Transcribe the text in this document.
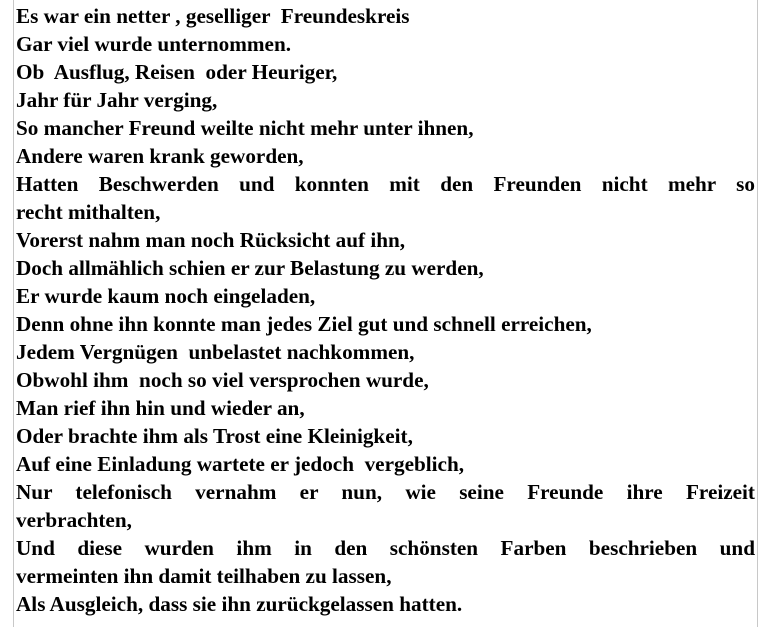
Es war ein netter , geselliger  Freundeskreis

Gar viel wurde unternommen.

Ob  Ausflug, Reisen  oder Heuriger,

Jahr für Jahr verging,

So mancher Freund weilte nicht mehr unter ihnen,

Andere waren krank geworden,

Hatten Beschwerden und konnten mit den Freunden nicht mehr so

recht mithalten,

Vorerst nahm man noch Rücksicht auf ihn,

Doch allmählich schien er zur Belastung zu werden,

Er wurde kaum noch eingeladen,

Denn ohne ihn konnte man jedes Ziel gut und schnell erreichen,

Jedem Vergnügen  unbelastet nachkommen,

Obwohl ihm  noch so viel versprochen wurde,

Man rief ihn hin und wieder an,

Oder brachte ihm als Trost eine Kleinigkeit,

Auf eine Einladung wartete er jedoch  vergeblich,

Nur telefonisch vernahm er nun, wie seine Freunde ihre Freizeit

verbrachten,

Und diese wurden ihm in den schönsten Farben beschrieben und

vermeinten ihn damit teilhaben zu lassen,

Als Ausgleich, dass sie ihn zurückgelassen hatten.
